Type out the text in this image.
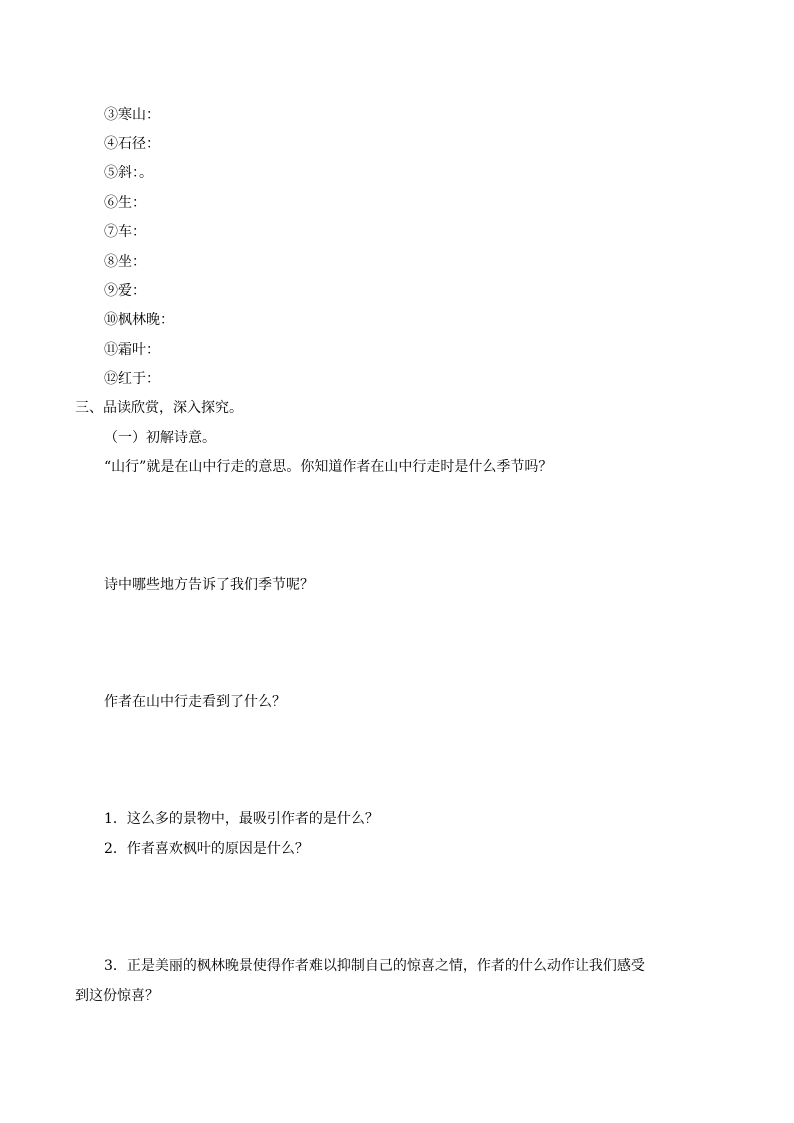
③寒山：
④石径：
⑤斜：。
⑥生：
⑦车：
⑧坐：
⑨爱：
⑩枫林晚：
⑪霜叶：
⑫红于：
三、品读欣赏，深入探究。
（一）初解诗意。
“山行”就是在山中行走的意思。你知道作者在山中行走时是什么季节吗？
诗中哪些地方告诉了我们季节呢？
作者在山中行走看到了什么？
1．这么多的景物中，最吸引作者的是什么？
2．作者喜欢枫叶的原因是什么？
3．正是美丽的枫林晚景使得作者难以抑制自己的惊喜之情，作者的什么动作让我们感受
到这份惊喜？
